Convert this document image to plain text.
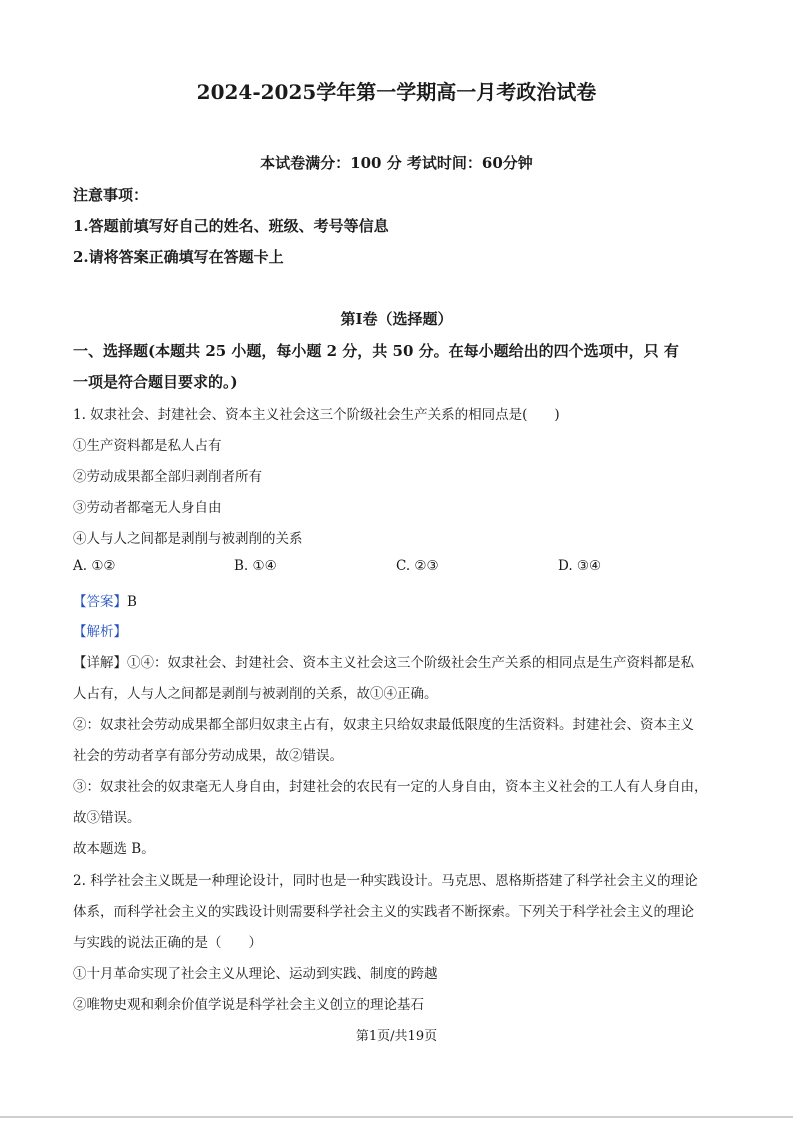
2024-2025学年第一学期高一月考政治试卷
本试卷满分：100 分 考试时间：60分钟
注意事项：
1.答题前填写好自己的姓名、班级、考号等信息
2.请将答案正确填写在答题卡上
第Ⅰ卷（选择题）
一、选择题(本题共 25 小题，每小题 2 分，共 50 分。在每小题给出的四个选项中，只 有
一项是符合题目要求的。)
1. 奴隶社会、封建社会、资本主义社会这三个阶级社会生产关系的相同点是(　　)
①生产资料都是私人占有
②劳动成果都全部归剥削者所有
③劳动者都毫无人身自由
④人与人之间都是剥削与被剥削的关系
A. ①②	B. ①④	C. ②③	D. ③④
【答案】B
【解析】
【详解】①④：奴隶社会、封建社会、资本主义社会这三个阶级社会生产关系的相同点是生产资料都是私
人占有，人与人之间都是剥削与被剥削的关系，故①④正确。
②：奴隶社会劳动成果都全部归奴隶主占有，奴隶主只给奴隶最低限度的生活资料。封建社会、资本主义
社会的劳动者享有部分劳动成果，故②错误。
③：奴隶社会的奴隶毫无人身自由，封建社会的农民有一定的人身自由，资本主义社会的工人有人身自由，
故③错误。
故本题选 B。
2. 科学社会主义既是一种理论设计，同时也是一种实践设计。马克思、恩格斯搭建了科学社会主义的理论
体系，而科学社会主义的实践设计则需要科学社会主义的实践者不断探索。下列关于科学社会主义的理论
与实践的说法正确的是（　　）
①十月革命实现了社会主义从理论、运动到实践、制度的跨越
②唯物史观和剩余价值学说是科学社会主义创立的理论基石
第1页/共19页
